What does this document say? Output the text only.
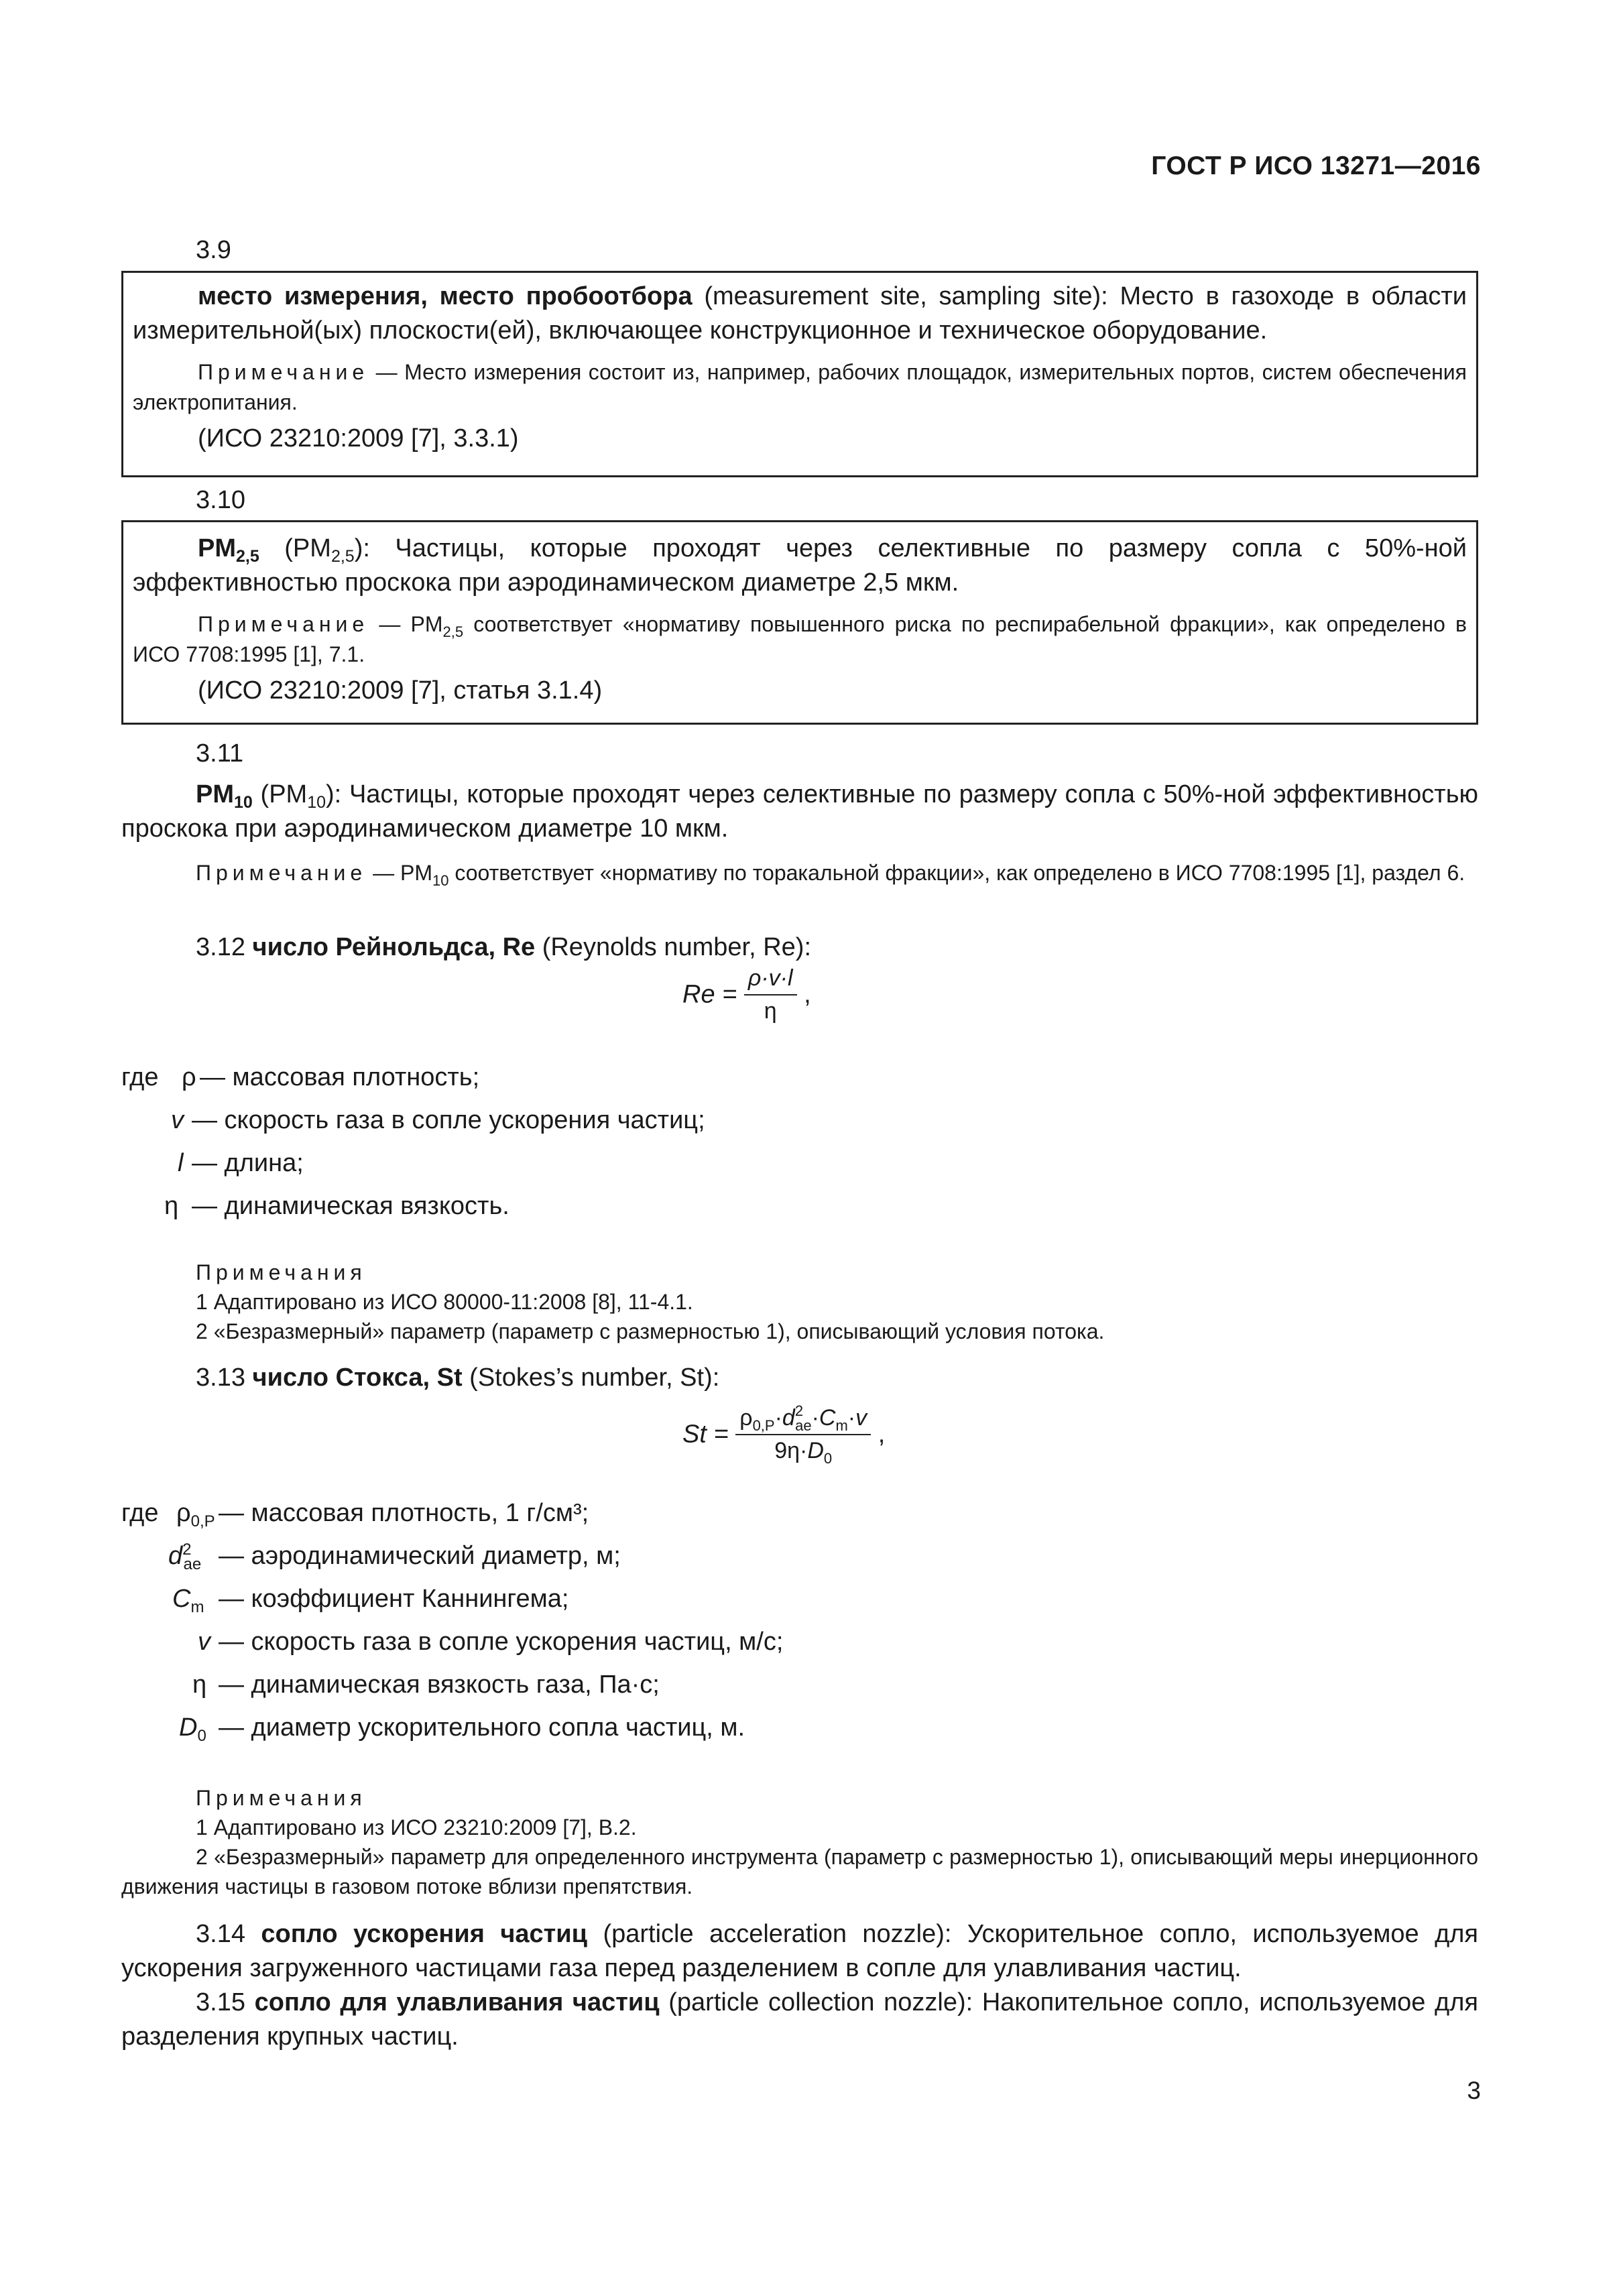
ГОСТ Р ИСО 13271—2016
3.9

место измерения, место пробоотбора (measurement site, sampling site): Место в газоходе в области измерительной(ых) плоскости(ей), включающее конструкционное и техническое оборудование.

Примечание — Место измерения состоит из, например, рабочих площадок, измерительных портов, систем обеспечения электропитания.

(ИСО 23210:2009 [7], 3.3.1)

3.10

$PM_{2,5}$ $(PM_{2,5})$: Частицы, которые проходят через селективные по размеру сопла с 50%-ной эффективностью проскока при аэродинамическом диаметре 2,5 мкм.

Примечание — $PM_{2,5}$ соответствует «нормативу повышенного риска по респирабельной фракции», как определено в ИСО 7708:1995 [1], 7.1.

(ИСО 23210:2009 [7], статья 3.1.4)

3.11

$PM_{10}$ $(PM_{10})$: Частицы, которые проходят через селективные по размеру сопла с 50%-ной эффективностью проскока при аэродинамическом диаметре 10 мкм.

Примечание — $PM_{10}$ соответствует «нормативу по торакальной фракции», как определено в ИСО 7708:1995 [1], раздел 6.

3.12 число Рейнольдса, Re (Reynolds number, Re):

$Re = \frac{\rho\cdot v\cdot l}{\eta}$ ,
где ρ — массовая плотность;
v — скорость газа в сопле ускорения частиц;
l — длина;
η — динамическая вязкость.

Примечания

1 Адаптировано из ИСО 80000-11:2008 [8], 11-4.1.

2 «Безразмерный» параметр (параметр с размерностью 1), описывающий условия потока.

3.13 число Стокса, St (Stokes’s number, St):

$St = \frac{\rho_{0,P}\cdot d^2_{ae}\cdot C_m\cdot v}{9\eta\cdot D_0}$ ,
где $\rho_{0,P}$ — массовая плотность, 1 г/см³;
$d^2_{ae}$ — аэродинамический диаметр, м;
$C_m$ — коэффициент Каннингема;
v — скорость газа в сопле ускорения частиц, м/с;
η — динамическая вязкость газа, Па·с;
$D_0$ — диаметр ускорительного сопла частиц, м.

Примечания

1 Адаптировано из ИСО 23210:2009 [7], B.2.

2 «Безразмерный» параметр для определенного инструмента (параметр с размерностью 1), описывающий меры инерционного движения частицы в газовом потоке вблизи препятствия.

3.14 сопло ускорения частиц (particle acceleration nozzle): Ускорительное сопло, используемое для ускорения загруженного частицами газа перед разделением в сопле для улавливания частиц.

3.15 сопло для улавливания частиц (particle collection nozzle): Накопительное сопло, используемое для разделения крупных частиц.

3
